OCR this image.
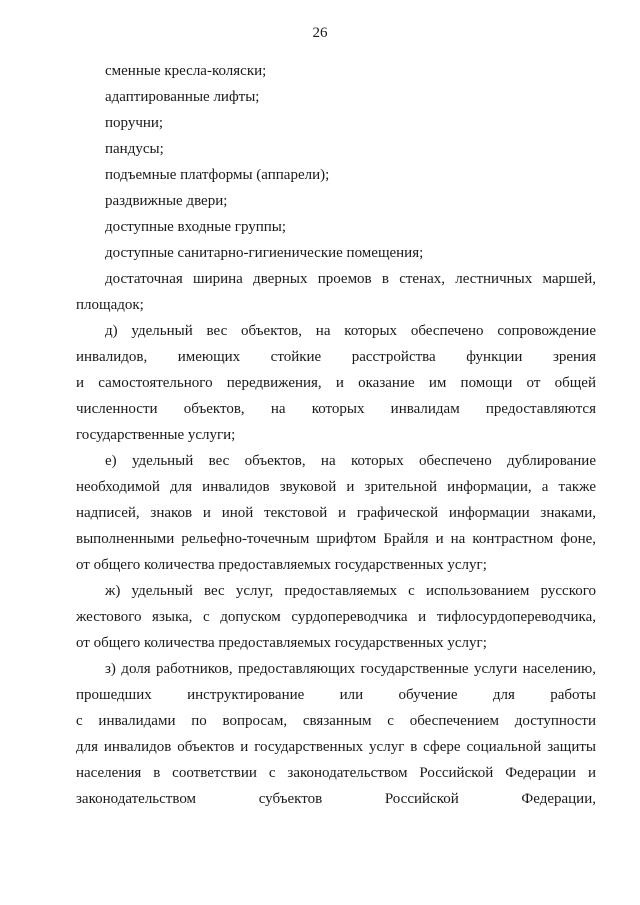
26
сменные кресла-коляски;
адаптированные лифты;
поручни;
пандусы;
подъемные платформы (аппарели);
раздвижные двери;
доступные входные группы;
доступные санитарно-гигиенические помещения;
достаточная ширина дверных проемов в стенах, лестничных маршей,
площадок;
д) удельный вес объектов, на которых обеспечено сопровождение
инвалидов, имеющих стойкие расстройства функции зрения
и самостоятельного передвижения, и оказание им помощи от общей
численности объектов, на которых инвалидам предоставляются
государственные услуги;
е) удельный вес объектов, на которых обеспечено дублирование
необходимой для инвалидов звуковой и зрительной информации, а также
надписей, знаков и иной текстовой и графической информации знаками,
выполненными рельефно-точечным шрифтом Брайля и на контрастном фоне,
от общего количества предоставляемых государственных услуг;
ж) удельный вес услуг, предоставляемых с использованием русского
жестового языка, с допуском сурдопереводчика и тифлосурдопереводчика,
от общего количества предоставляемых государственных услуг;
з) доля работников, предоставляющих государственные услуги населению,
прошедших инструктирование или обучение для работы
с инвалидами по вопросам, связанным с обеспечением доступности
для инвалидов объектов и государственных услуг в сфере социальной защиты
населения в соответствии с законодательством Российской Федерации и
законодательством субъектов Российской Федерации,
